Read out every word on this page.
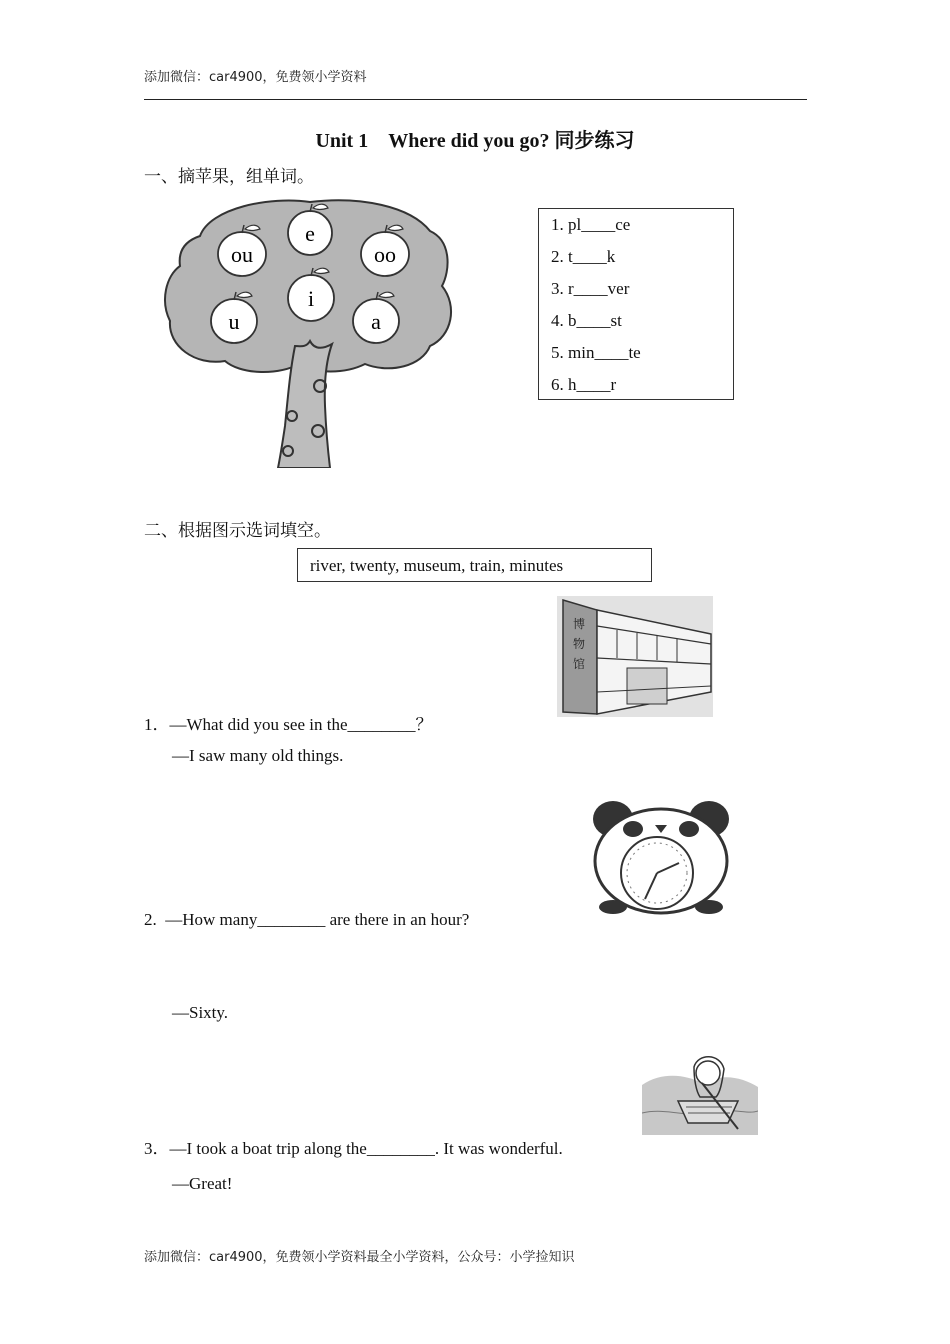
添加微信：car4900，免费领小学资料
Unit 1　Where did you go? 同步练习
一、摘苹果，组单词。
e
ou	oo
i
u	a
1. pl____ce
2. t____k
3. r____ver
4. b____st
5. min____te
6. h____r
二、根据图示选词填空。
river, twenty, museum, train, minutes
博
物
馆
1．—What did you see in the________？
—I saw many old things.
2.  —How many________ are there in an hour?
—Sixty.
3．—I took a boat trip along the________. It was wonderful.
—Great!
添加微信：car4900，免费领小学资料最全小学资料，公众号：小学捡知识
